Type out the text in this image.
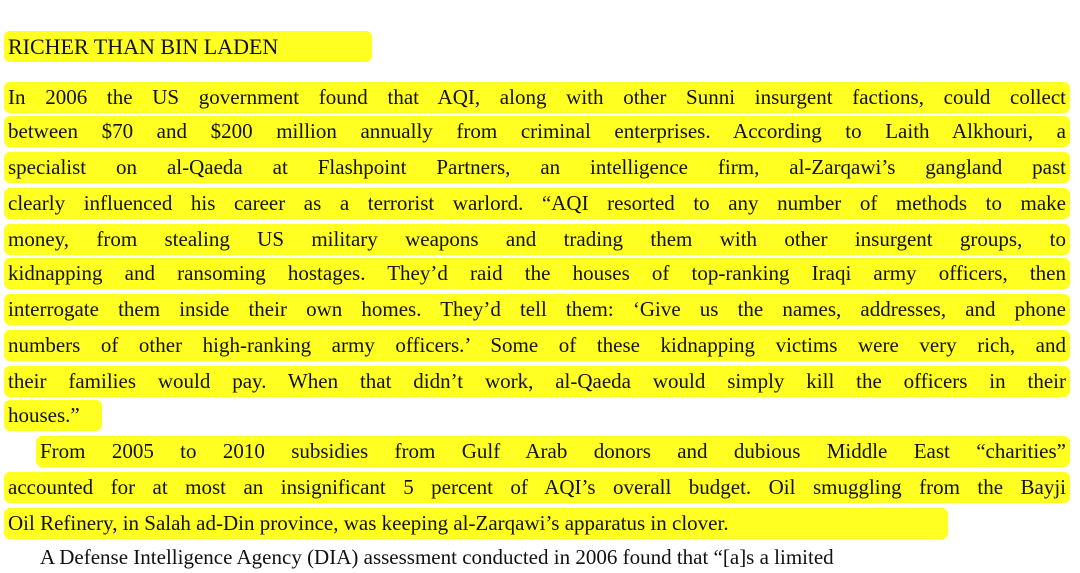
RICHER THAN BIN LADEN
In 2006 the US government found that AQI, along with other Sunni insurgent factions, could collect
between $70 and $200 million annually from criminal enterprises. According to Laith Alkhouri, a
specialist on al-Qaeda at Flashpoint Partners, an intelligence firm, al-Zarqawi’s gangland past
clearly influenced his career as a terrorist warlord. “AQI resorted to any number of methods to make
money, from stealing US military weapons and trading them with other insurgent groups, to
kidnapping and ransoming hostages. They’d raid the houses of top-ranking Iraqi army officers, then
interrogate them inside their own homes. They’d tell them: ‘Give us the names, addresses, and phone
numbers of other high-ranking army officers.’ Some of these kidnapping victims were very rich, and
their families would pay. When that didn’t work, al-Qaeda would simply kill the officers in their
houses.”
From 2005 to 2010 subsidies from Gulf Arab donors and dubious Middle East “charities”
accounted for at most an insignificant 5 percent of AQI’s overall budget. Oil smuggling from the Bayji
Oil Refinery, in Salah ad-Din province, was keeping al-Zarqawi’s apparatus in clover.
A Defense Intelligence Agency (DIA) assessment conducted in 2006 found that “[a]s a limited
